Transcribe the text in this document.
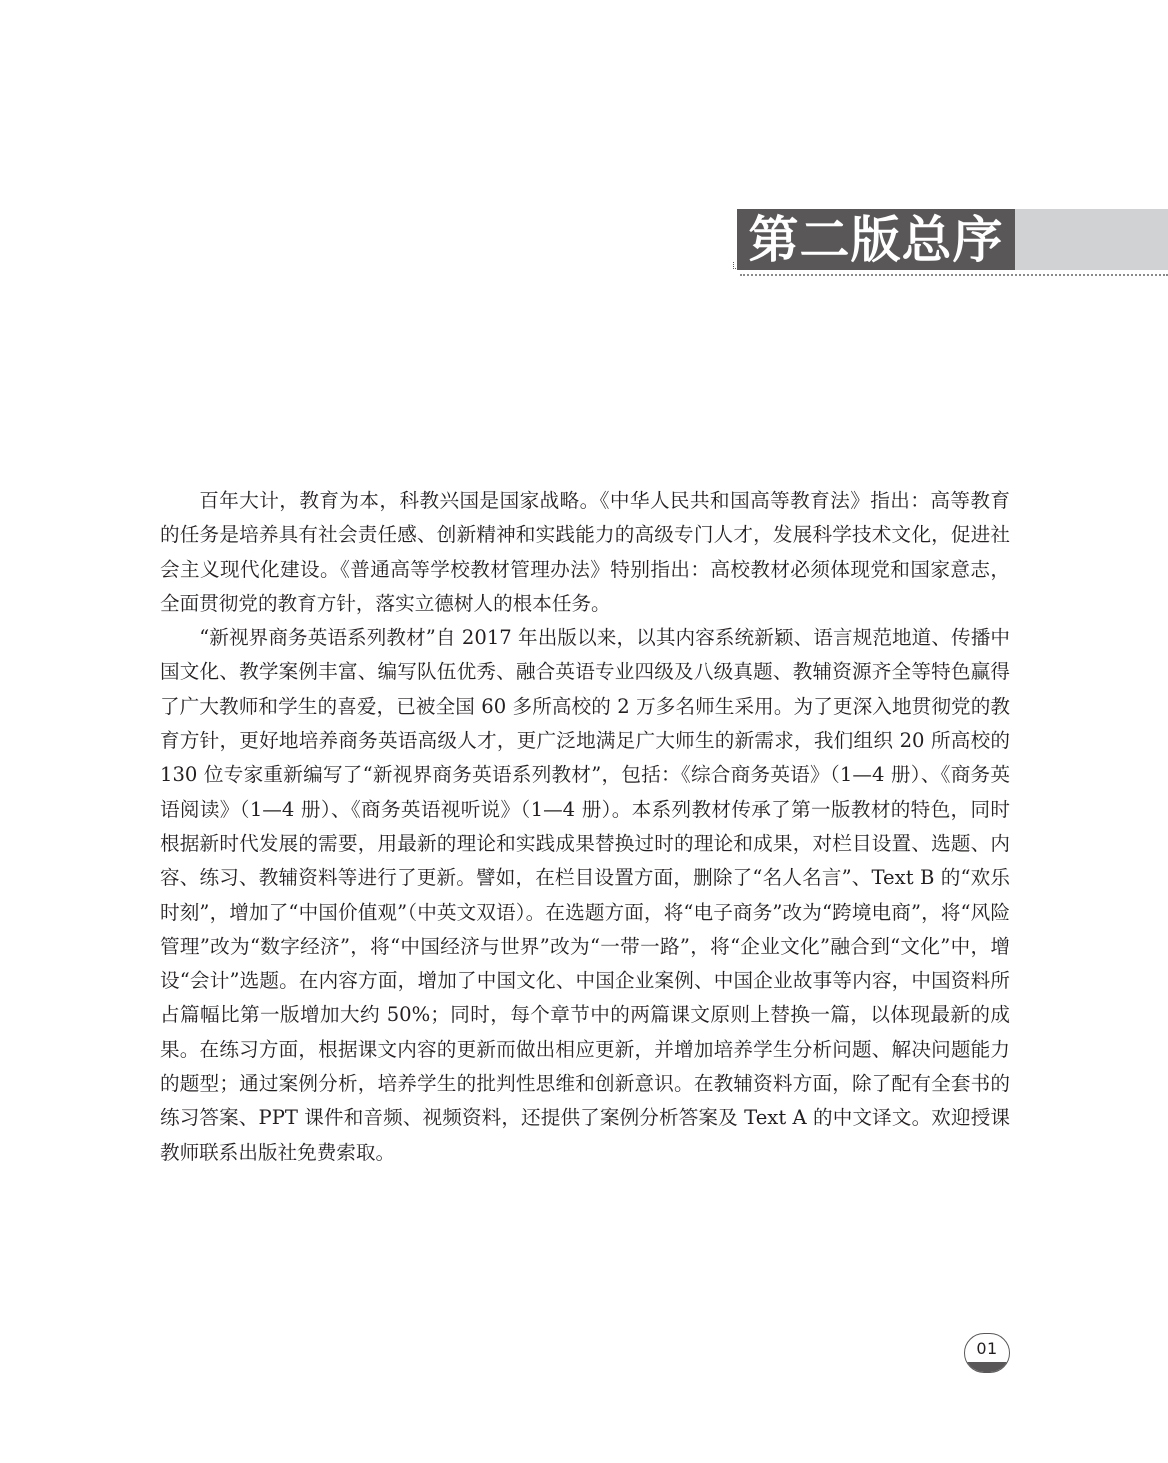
第二版总序

百年大计，教育为本，科教兴国是国家战略。《中华人民共和国高等教育法》指出：高等教育的任务是培养具有社会责任感、创新精神和实践能力的高级专门人才，发展科学技术文化，促进社会主义现代化建设。《普通高等学校教材管理办法》特别指出：高校教材必须体现党和国家意志，全面贯彻党的教育方针，落实立德树人的根本任务。

“新视界商务英语系列教材”自 2017 年出版以来，以其内容系统新颖、语言规范地道、传播中国文化、教学案例丰富、编写队伍优秀、融合英语专业四级及八级真题、教辅资源齐全等特色赢得了广大教师和学生的喜爱，已被全国 60 多所高校的 2 万多名师生采用。为了更深入地贯彻党的教育方针，更好地培养商务英语高级人才，更广泛地满足广大师生的新需求，我们组织 20 所高校的 130 位专家重新编写了“新视界商务英语系列教材”，包括：《综合商务英语》（1—4 册）、《商务英语阅读》（1—4 册）、《商务英语视听说》（1—4 册）。本系列教材传承了第一版教材的特色，同时根据新时代发展的需要，用最新的理论和实践成果替换过时的理论和成果，对栏目设置、选题、内容、练习、教辅资料等进行了更新。譬如，在栏目设置方面，删除了“名人名言”、Text B 的“欢乐时刻”，增加了“中国价值观”（中英文双语）。在选题方面，将“电子商务”改为“跨境电商”，将“风险管理”改为“数字经济”，将“中国经济与世界”改为“一带一路”，将“企业文化”融合到“文化”中，增设“会计”选题。在内容方面，增加了中国文化、中国企业案例、中国企业故事等内容，中国资料所占篇幅比第一版增加大约 50%；同时，每个章节中的两篇课文原则上替换一篇，以体现最新的成果。在练习方面，根据课文内容的更新而做出相应更新，并增加培养学生分析问题、解决问题能力的题型；通过案例分析，培养学生的批判性思维和创新意识。在教辅资料方面，除了配有全套书的练习答案、PPT 课件和音频、视频资料，还提供了案例分析答案及 Text A 的中文译文。欢迎授课教师联系出版社免费索取。

01
